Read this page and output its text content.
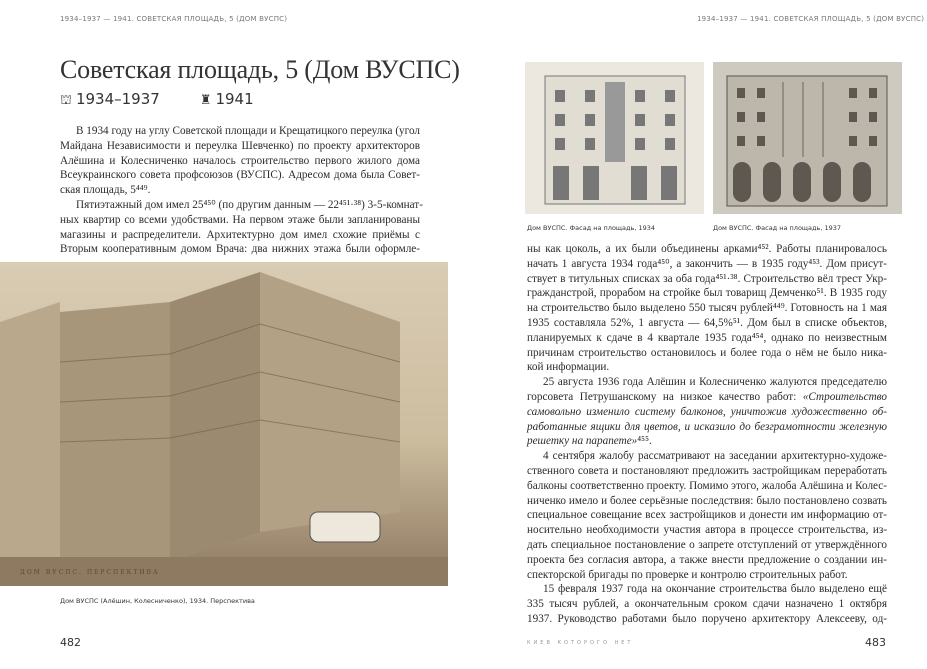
1934–1937 — 1941. СОВЕТСКАЯ ПЛОЩАДЬ, 5 (ДОМ ВУСПС)
Советская площадь, 5 (Дом ВУСПС)
⛫ 1934–1937	♜ 1941
В 1934 году на углу Советской площади и Крещатицкого переулка (угол
Майдана Независимости и переулка Шевченко) по проекту архитекторов
Алёшина и Колесниченко началось строительство первого жилого дома
Всеукраинского совета профсоюзов (ВУСПС). Адресом дома была Совет-
ская площадь, 5⁴⁴⁹.
Пятиэтажный дом имел 25⁴⁵⁰ (по другим данным — 22⁴⁵¹·³⁸) 3-5-комнат-
ных квартир со всеми удобствами. На первом этаже были запланированы
магазины и распределители. Архитектурно дом имел схожие приёмы с
Вторым кооперативным домом Врача: два нижних этажа были оформле-
ДОМ ВУСПС. ПЕРСПЕКТИВА
Дом ВУСПС (Алёшин, Колесниченко), 1934. Перспектива
482
1934–1937 — 1941. СОВЕТСКАЯ ПЛОЩАДЬ, 5 (ДОМ ВУСПС)
Дом ВУСПС. Фасад на площадь, 1934	Дом ВУСПС. Фасад на площадь, 1937
ны как цоколь, а их были объединены арками⁴⁵². Работы планировалось
начать 1 августа 1934 года⁴⁵⁰, а закончить — в 1935 году⁴⁵³. Дом присут-
ствует в титульных списках за оба года⁴⁵¹·³⁸. Строительство вёл трест Укр-
гражданстрой, прорабом на стройке был товарищ Демченко⁵¹. В 1935 году
на строительство было выделено 550 тысяч рублей⁴⁴⁹. Готовность на 1 мая
1935 составляла 52%, 1 августа — 64,5%⁵¹. Дом был в списке объектов,
планируемых к сдаче в 4 квартале 1935 года⁴⁵⁴, однако по неизвестным
причинам строительство остановилось и более года о нём не было ника-
кой информации.
25 августа 1936 года Алёшин и Колесниченко жалуются председателю
горсовета Петрушанскому на низкое качество работ: «Строительство
самовольно изменило систему балконов, уничтожив художественно об-
работанные ящики для цветов, и исказило до безграмотности железную
решетку на парапете»⁴⁵⁵.
4 сентября жалобу рассматривают на заседании архитектурно-художе-
ственного совета и постановляют предложить застройщикам переработать
балконы соответственно проекту. Помимо этого, жалоба Алёшина и Колес-
ниченко имело и более серьёзные последствия: было постановлено созвать
специальное совещание всех застройщиков и донести им информацию от-
носительно необходимости участия автора в процессе строительства, из-
дать специальное постановление о запрете отступлений от утверждённого
проекта без согласия автора, а также внести предложение о создании ин-
спекторской бригады по проверке и контролю строительных работ.
15 февраля 1937 года на окончание строительства было выделено ещё
335 тысяч рублей, а окончательным сроком сдачи назначено 1 октября
1937. Руководство работами было поручено архитектору Алексееву, од-
КИЕВ КОТОРОГО НЕТ	483
